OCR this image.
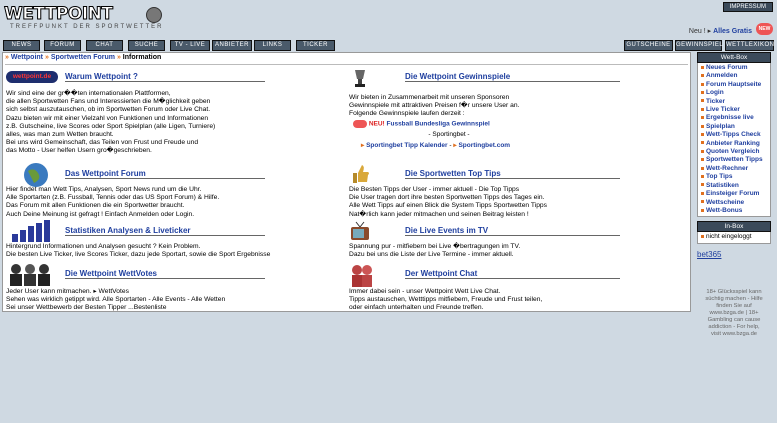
WETTPOINT
TREFFPUNKT DER SPORTWETTER
IMPRESSUM
Neu ! ▸ Alles Gratis	NEW
NEWS	FORUM	CHAT	SUCHE	TV - LIVE	ANBIETER	LINKS	TICKER	GUTSCHEINE GEWINNSPIEL WETTLEXIKON
» Wettpoint » Sportwetten Forum » Information
wettpoint.de	Warum Wettpoint ?
Wir sind eine der gr��ten internationalen Plattformen,
die allen Sportwetten Fans und Interessierten die M�glichkeit geben
sich selbst auszutauschen, ob im Sportwetten Forum oder Live Chat.
Dazu bieten wir mit einer Vielzahl von Funktionen und Informationen
z.B. Gutscheine, live Scores oder Sport Spielplan (alle Ligen, Turniere)
alles, was man zum Wetten braucht.
Bei uns wird Gemeinschaft, das Teilen von Frust und Freude und
das Motto - User helfen Usern gro�geschrieben.
Die Wettpoint Gewinnspiele
Wir bieten in Zusammenarbeit mit unseren Sponsoren
Gewinnspiele mit attraktiven Preisen f�r unsere User an.
Folgende Gewinnspiele laufen derzeit :
NEU! Fussball Bundesliga Gewinnspiel
- Sportingbet -
▸ Sportingbet Tipp Kalender - ▸ Sportingbet.com
Das Wettpoint Forum
Hier findet man Wett Tips, Analysen, Sport News rund um die Uhr.
Alle Sportarten (z.B. Fussball, Tennis oder das US Sport Forum) & Hilfe.
Das Forum mit allen Funktionen die ein Sportwetter braucht.
Auch Deine Meinung ist gefragt ! Einfach Anmelden oder Login.
Die Sportwetten Top Tips
Die Besten Tipps der User - immer aktuell - Die Top Tipps
Die User tragen dort ihre besten Sportwetten Tipps des Tages ein.
Alle Wett Tipps auf einen Blick die System Tipps Sportwetten Tipps
Nat�rlich kann jeder mitmachen und seinen Beitrag leisten !
Statistiken Analysen & Liveticker
Hintergrund Informationen und Analysen gesucht ? Kein Problem.
Die besten Live Ticker, live Scores Ticker, dazu jede Sportart, sowie die Sport Ergebnisse
Die Live Events im TV
Spannung pur - mitfiebern bei Live �bertragungen im TV.
Dazu bei uns die Liste der Live Termine - immer aktuell.
Die Wettpoint WettVotes
Jeder User kann mitmachen. ▸ WettVotes
Sehen was wirklich getippt wird. Alle Sportarten - Alle Events - Alle Wetten
Sei unser Wettbewerb der Besten Tipper ...Bestenliste
Der Wettpoint Chat
Immer dabei sein - unser Wettpoint Wett Live Chat.
Tipps austauschen, Wetttipps mitfiebern, Freude und Frust teilen,
oder einfach unterhalten und Freunde treffen.
Wett-Box
Neues Forum
Anmelden
Forum Hauptseite
Login
Ticker
Live Ticker
Ergebnisse live
Spielplan
Wett-Tipps Check
Anbieter Ranking
Quoten Vergleich
Sportwetten Tipps
Wett-Rechner
Top Tips
Statistiken
Einsteiger Forum
Wettscheine
Wett-Bonus
In-Box
nicht eingeloggt
bet365
18+ Glücksspiel kann
süchtig machen - Hilfe
finden Sie auf
www.bzga.de | 18+
Gambling can cause
addiction - For help,
visit www.bzga.de
